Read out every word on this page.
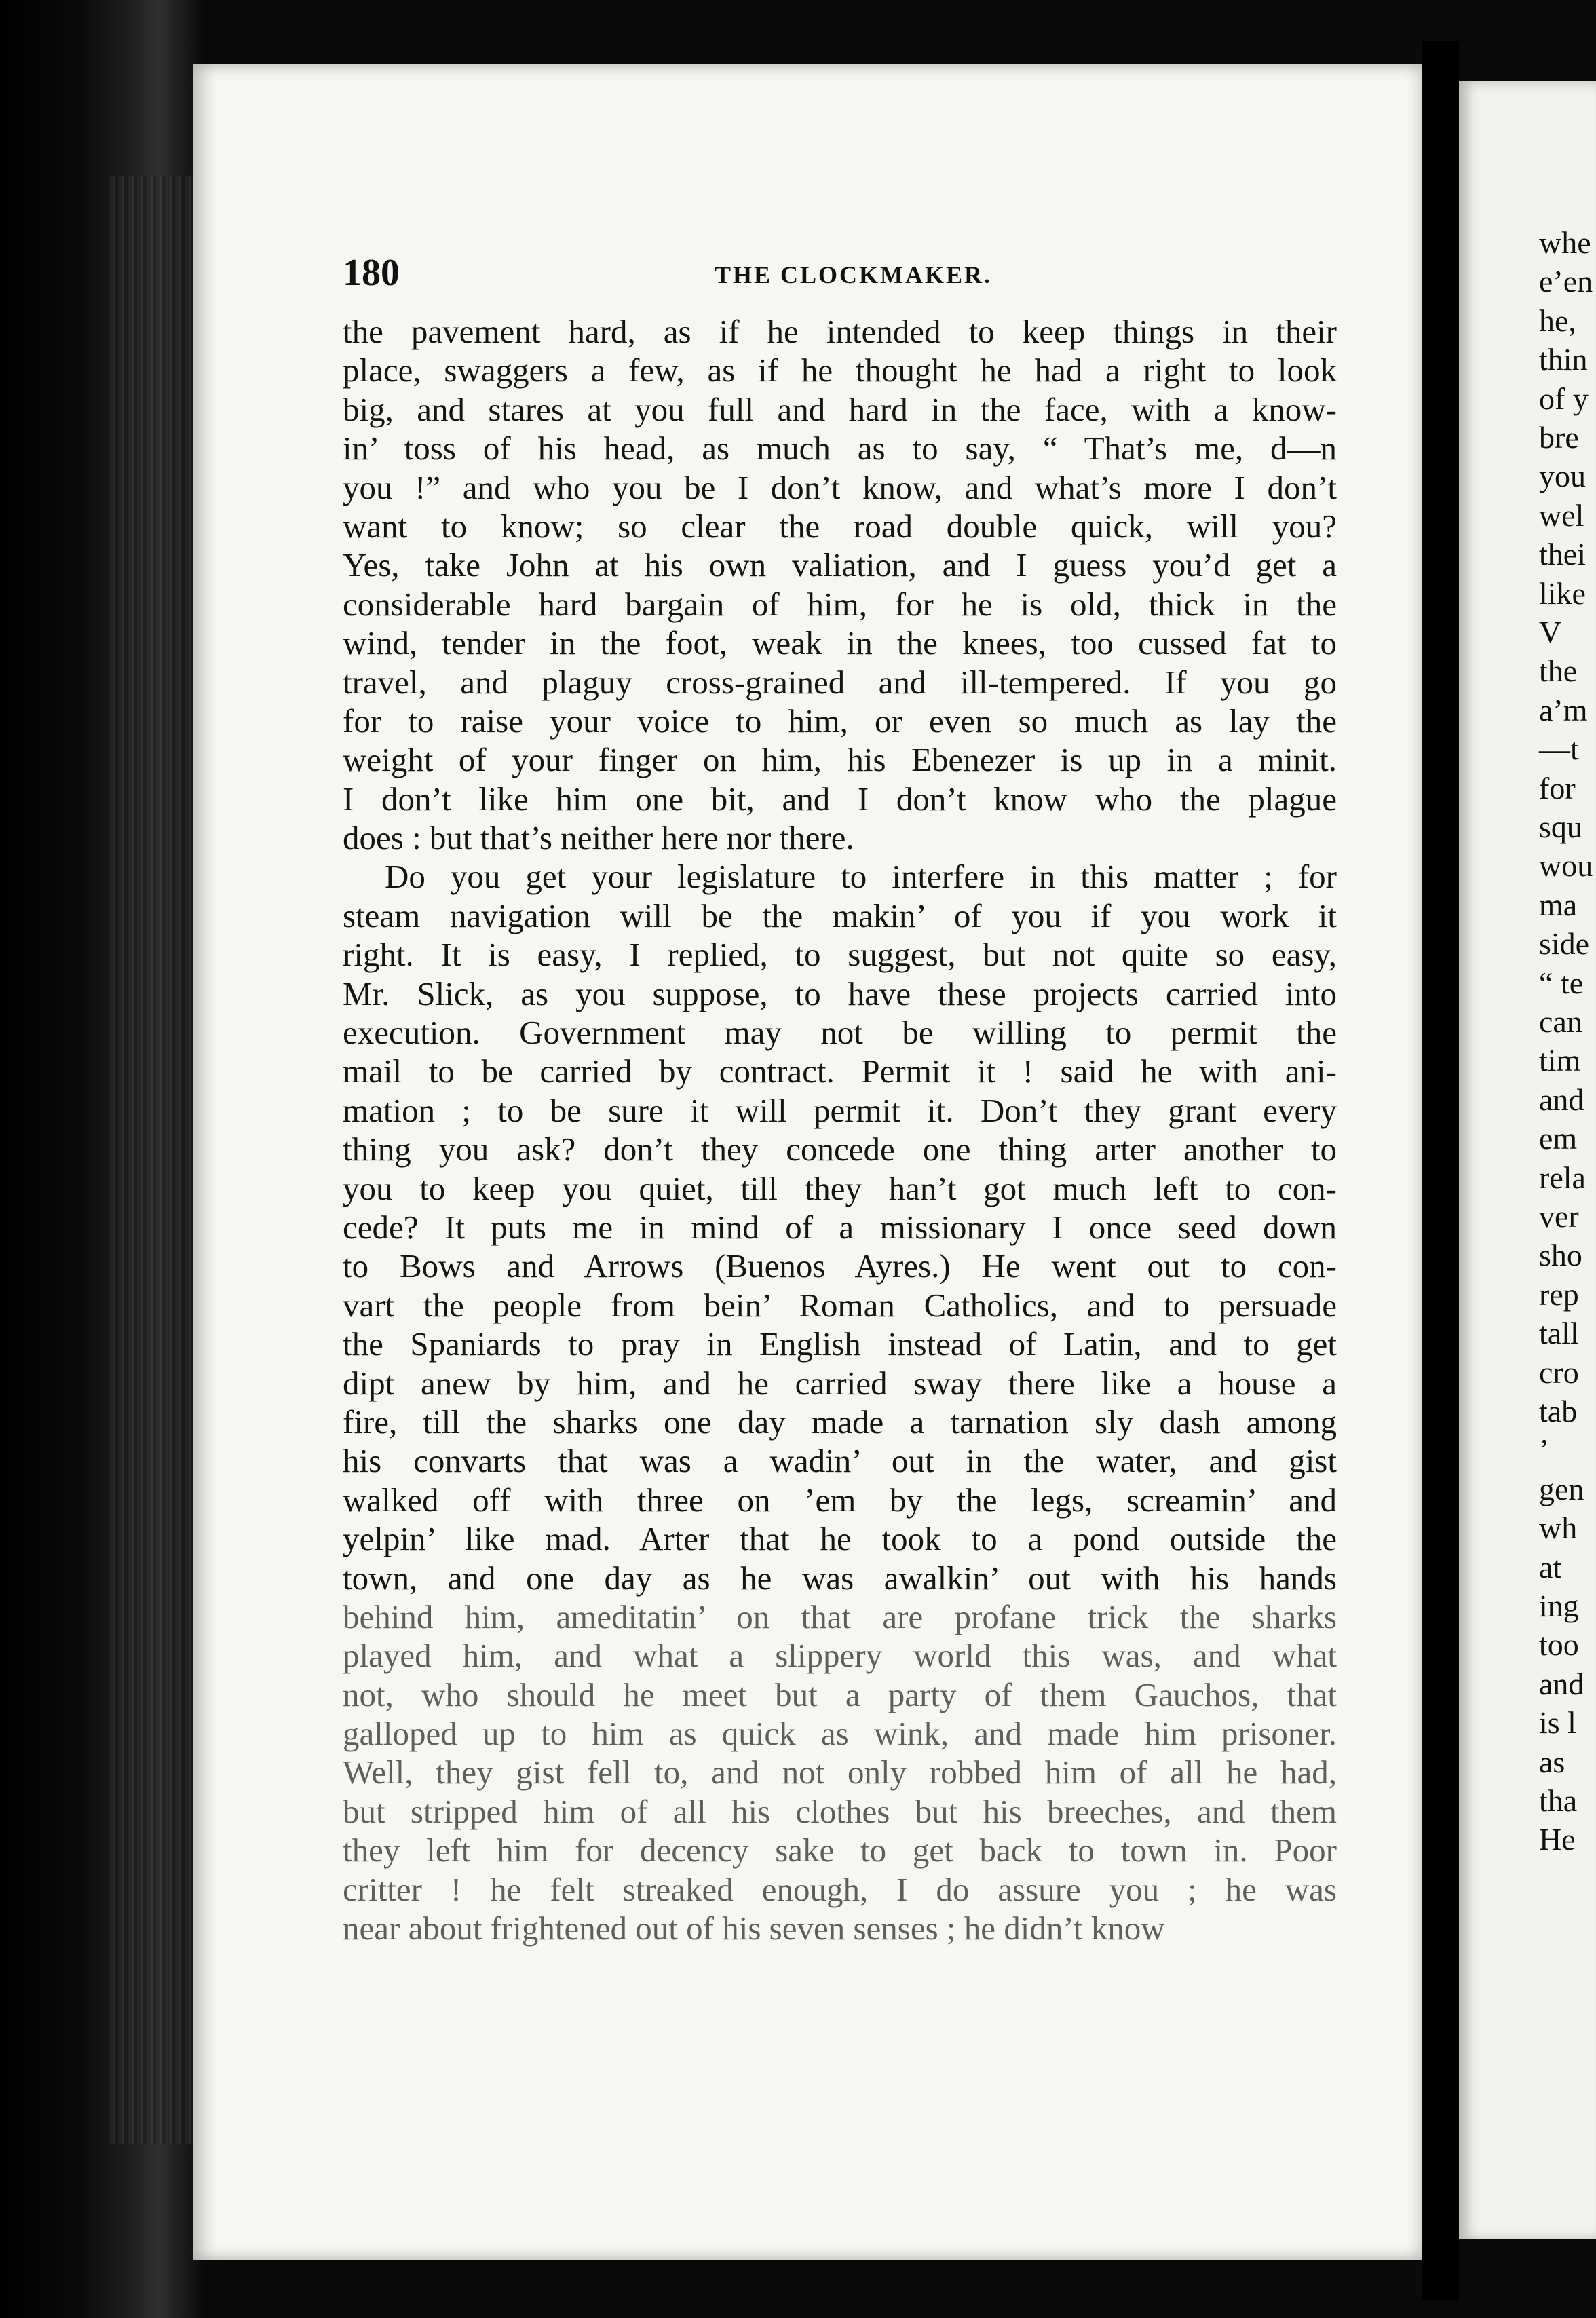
whe
e’en
he,
thin
of y
bre
you
wel
thei
like
V
the
a’m
—t
for
squ
wou
ma
side
“ te
can
tim
and
em
rela
ver
sho
rep
tall
cro
tab
’
gen
wh
at
ing
too
and
is l
as
tha
He
180	THE CLOCKMAKER.
the pavement hard, as if he intended to keep things in their
place, swaggers a few, as if he thought he had a right to look
big, and stares at you full and hard in the face, with a know-
in’ toss of his head, as much as to say, “ That’s me, d—n
you !” and who you be I don’t know, and what’s more I don’t
want to know; so clear the road double quick, will you?
Yes, take John at his own valiation, and I guess you’d get a
considerable hard bargain of him, for he is old, thick in the
wind, tender in the foot, weak in the knees, too cussed fat to
travel, and plaguy cross-grained and ill-tempered. If you go
for to raise your voice to him, or even so much as lay the
weight of your finger on him, his Ebenezer is up in a minit.
I don’t like him one bit, and I don’t know who the plague
does : but that’s neither here nor there.
Do you get your legislature to interfere in this matter ; for
steam navigation will be the makin’ of you if you work it
right. It is easy, I replied, to suggest, but not quite so easy,
Mr. Slick, as you suppose, to have these projects carried into
execution. Government may not be willing to permit the
mail to be carried by contract. Permit it ! said he with ani-
mation ; to be sure it will permit it. Don’t they grant every
thing you ask? don’t they concede one thing arter another to
you to keep you quiet, till they han’t got much left to con-
cede? It puts me in mind of a missionary I once seed down
to Bows and Arrows (Buenos Ayres.) He went out to con-
vart the people from bein’ Roman Catholics, and to persuade
the Spaniards to pray in English instead of Latin, and to get
dipt anew by him, and he carried sway there like a house a
fire, till the sharks one day made a tarnation sly dash among
his convarts that was a wadin’ out in the water, and gist
walked off with three on ’em by the legs, screamin’ and
yelpin’ like mad. Arter that he took to a pond outside the
town, and one day as he was awalkin’ out with his hands
behind him, ameditatin’ on that are profane trick the sharks
played him, and what a slippery world this was, and what
not, who should he meet but a party of them Gauchos, that
galloped up to him as quick as wink, and made him prisoner.
Well, they gist fell to, and not only robbed him of all he had,
but stripped him of all his clothes but his breeches, and them
they left him for decency sake to get back to town in. Poor
critter ! he felt streaked enough, I do assure you ; he was
near about frightened out of his seven senses ; he didn’t know
